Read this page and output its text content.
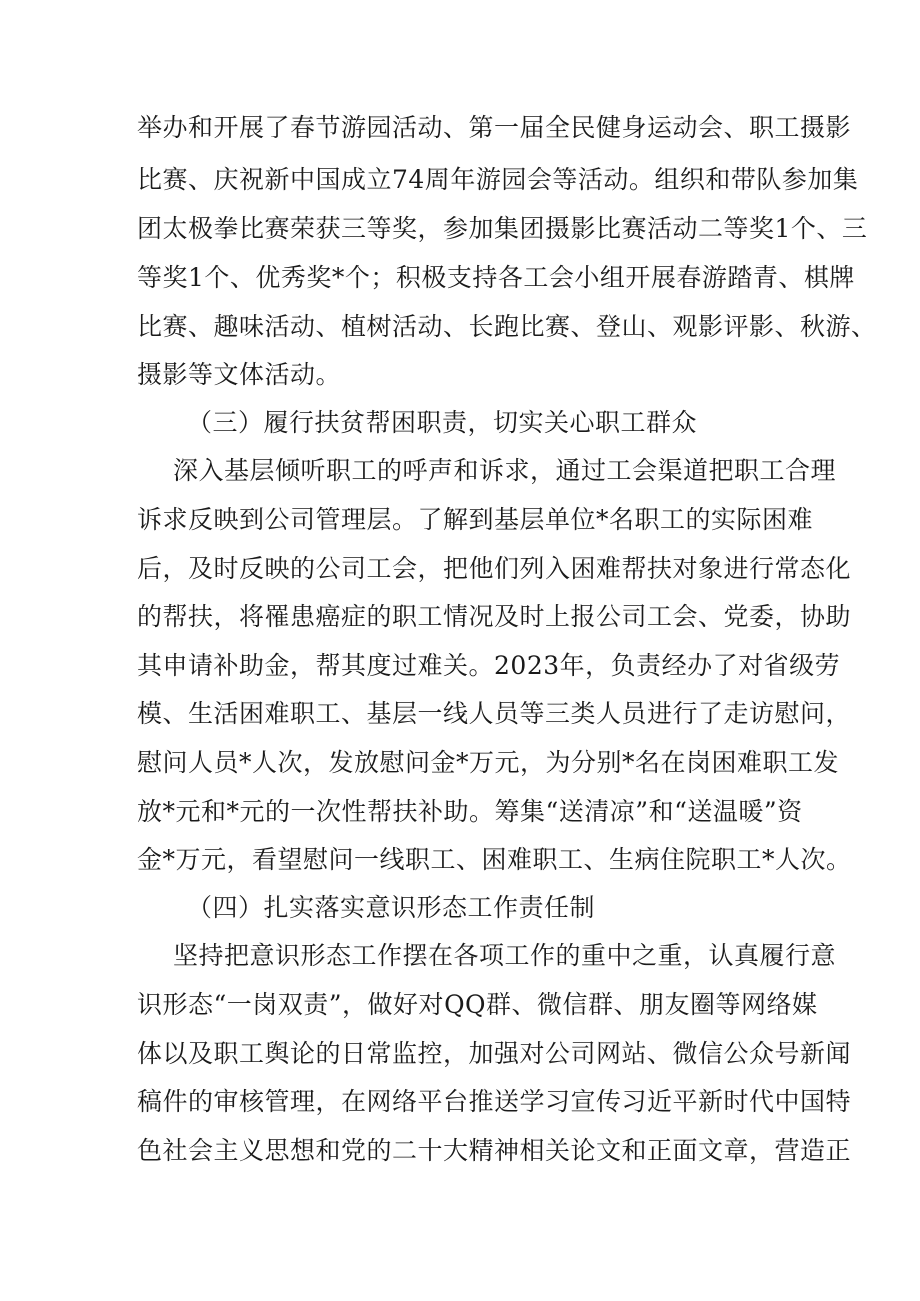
举办和开展了春节游园活动、第一届全民健身运动会、职工摄影
比赛、庆祝新中国成立74周年游园会等活动。组织和带队参加集
团太极拳比赛荣获三等奖，参加集团摄影比赛活动二等奖1个、三
等奖1个、优秀奖*个；积极支持各工会小组开展春游踏青、棋牌
比赛、趣味活动、植树活动、长跑比赛、登山、观影评影、秋游、
摄影等文体活动。
（三）履行扶贫帮困职责，切实关心职工群众
深入基层倾听职工的呼声和诉求，通过工会渠道把职工合理
诉求反映到公司管理层。了解到基层单位*名职工的实际困难
后，及时反映的公司工会，把他们列入困难帮扶对象进行常态化
的帮扶，将罹患癌症的职工情况及时上报公司工会、党委，协助
其申请补助金，帮其度过难关。2023年，负责经办了对省级劳
模、生活困难职工、基层一线人员等三类人员进行了走访慰问，
慰问人员*人次，发放慰问金*万元，为分别*名在岗困难职工发
放*元和*元的一次性帮扶补助。筹集“送清凉”和“送温暖”资
金*万元，看望慰问一线职工、困难职工、生病住院职工*人次。
（四）扎实落实意识形态工作责任制
坚持把意识形态工作摆在各项工作的重中之重，认真履行意
识形态“一岗双责”，做好对QQ群、微信群、朋友圈等网络媒
体以及职工舆论的日常监控，加强对公司网站、微信公众号新闻
稿件的审核管理，在网络平台推送学习宣传习近平新时代中国特
色社会主义思想和党的二十大精神相关论文和正面文章，营造正
